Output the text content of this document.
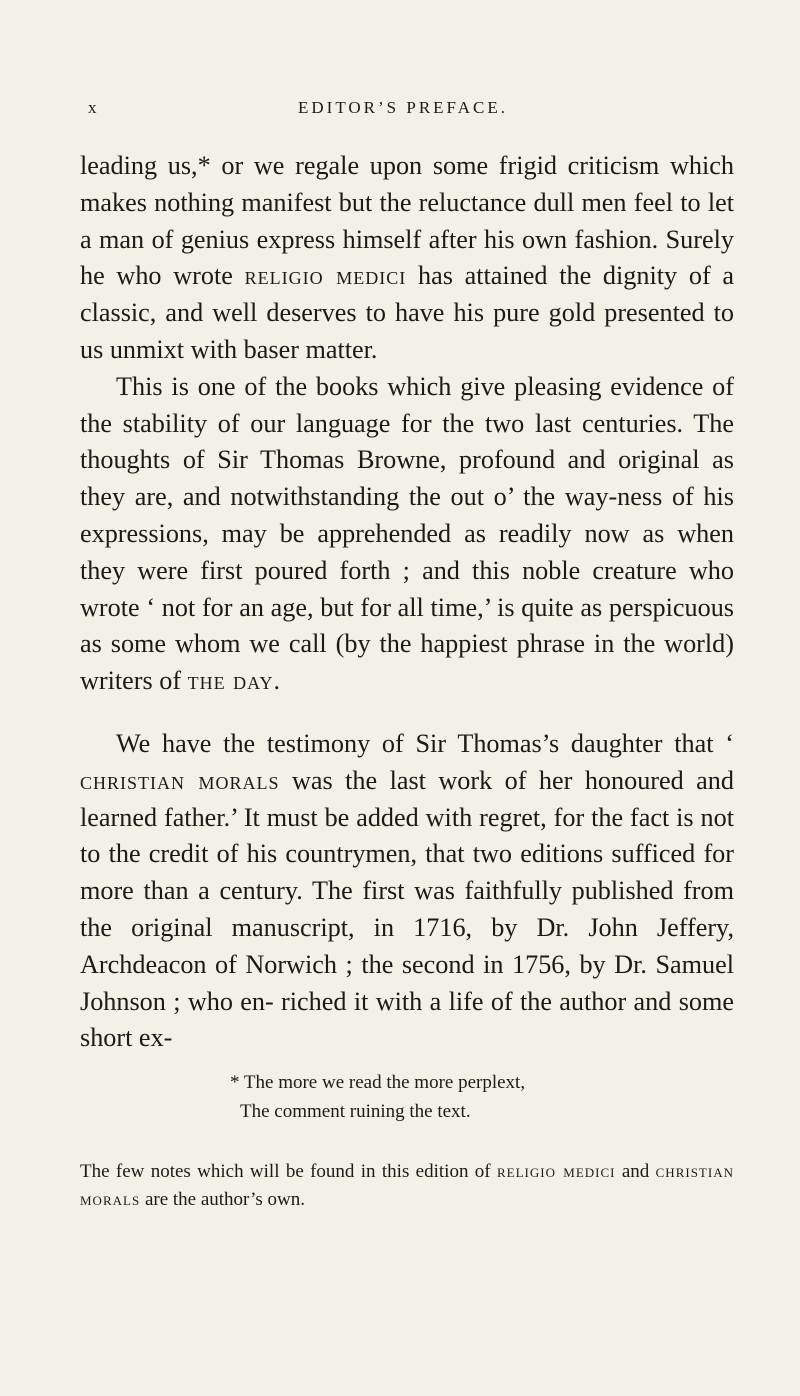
x	EDITOR’S PREFACE.

leading us,* or we regale upon some frigid criticism which makes nothing manifest but the reluctance dull men feel to let a man of genius express himself after his own fashion. Surely he who wrote religio medici has attained the dignity of a classic, and well deserves to have his pure gold presented to us unmixt with baser matter.

This is one of the books which give pleasing evidence of the stability of our language for the two last centuries. The thoughts of Sir Thomas Browne, profound and original as they are, and notwithstanding the out o’ the way-ness of his expressions, may be apprehended as readily now as when they were first poured forth ; and this noble creature who wrote ‘ not for an age, but for all time,’ is quite as perspicuous as some whom we call (by the happiest phrase in the world) writers of the day.

We have the testimony of Sir Thomas’s daughter that ‘ christian morals was the last work of her honoured and learned father.’ It must be added with regret, for the fact is not to the credit of his countrymen, that two editions sufficed for more than a century. The first was faithfully published from the original manuscript, in 1716, by Dr. John Jeffery, Archdeacon of Norwich ; the second in 1756, by Dr. Samuel Johnson ; who en- riched it with a life of the author and some short ex-

* The more we read the more perplext,

The comment ruining the text.

The few notes which will be found in this edition of religio medici and christian morals are the author’s own.
